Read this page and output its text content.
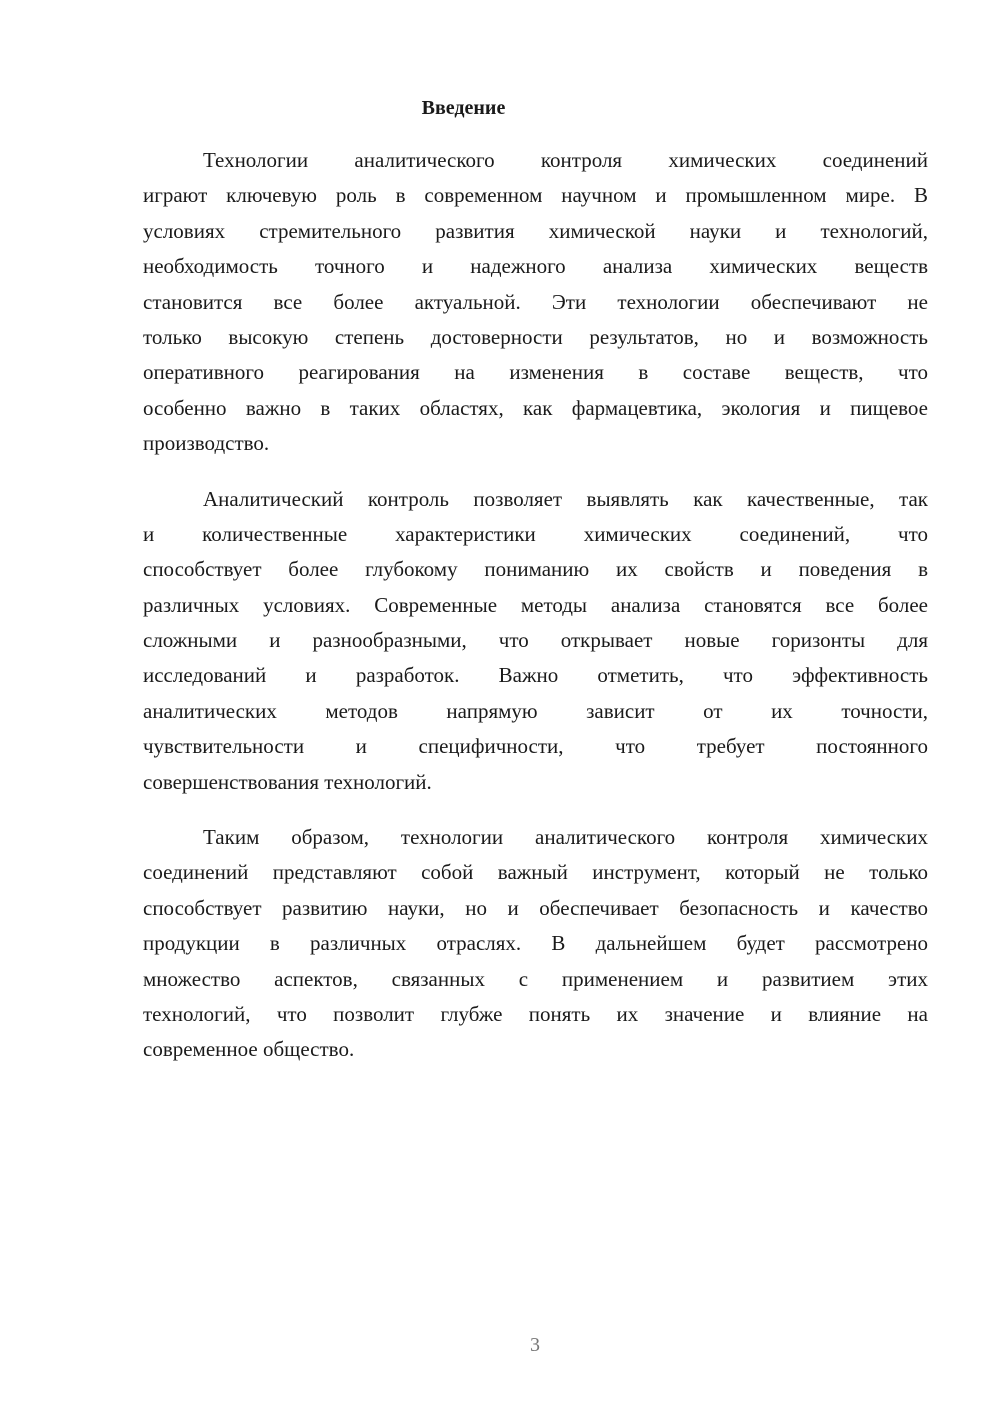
Введение
Технологии аналитического контроля химических соединений
играют ключевую роль в современном научном и промышленном мире. В
условиях стремительного развития химической науки и технологий,
необходимость точного и надежного анализа химических веществ
становится все более актуальной. Эти технологии обеспечивают не
только высокую степень достоверности результатов, но и возможность
оперативного реагирования на изменения в составе веществ, что
особенно важно в таких областях, как фармацевтика, экология и пищевое
производство.
Аналитический контроль позволяет выявлять как качественные, так
и количественные характеристики химических соединений, что
способствует более глубокому пониманию их свойств и поведения в
различных условиях. Современные методы анализа становятся все более
сложными и разнообразными, что открывает новые горизонты для
исследований и разработок. Важно отметить, что эффективность
аналитических методов напрямую зависит от их точности,
чувствительности и специфичности, что требует постоянного
совершенствования технологий.
Таким образом, технологии аналитического контроля химических
соединений представляют собой важный инструмент, который не только
способствует развитию науки, но и обеспечивает безопасность и качество
продукции в различных отраслях. В дальнейшем будет рассмотрено
множество аспектов, связанных с применением и развитием этих
технологий, что позволит глубже понять их значение и влияние на
современное общество.
3
